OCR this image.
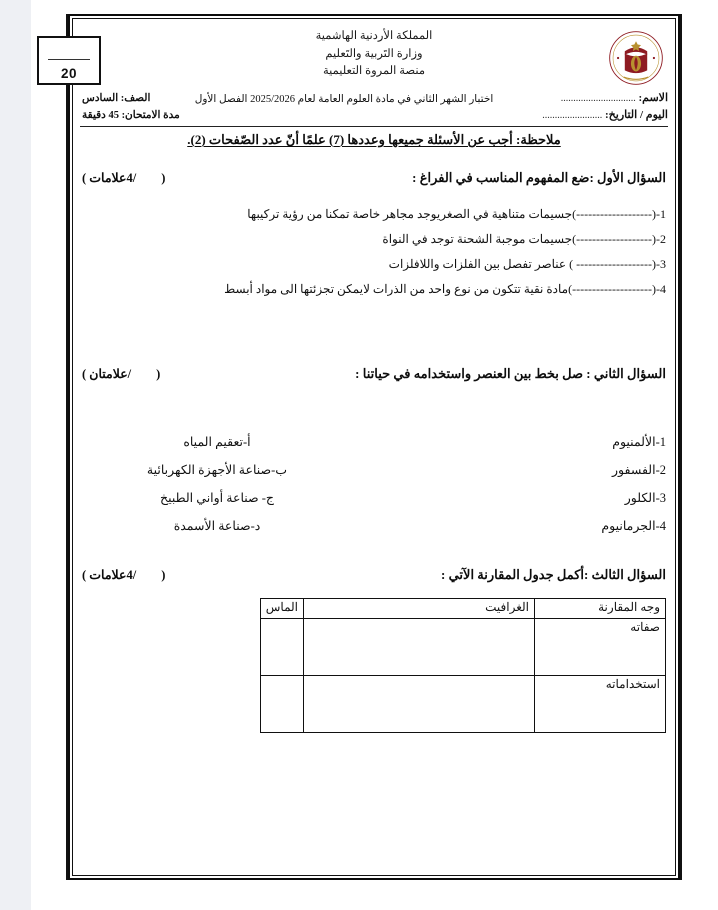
20
المملكة الأردنية الهاشمية
وزارة التَربية والتَعليم
منصة المروة التعليمية
الاسم: ..............................
اليوم / التاريخ: ........................
اختبار الشهر الثاني في مادة العلوم العامة لعام 2025/2026 الفصل الأول
الصف: السادس
مدة الامتحان: 45 دقيقة
ملاحظة: أجب عن الأسئلة جميعها وعددها (7) علمًا أنّ عدد الصّفحات (2).
السؤال الأول :ضع المفهوم المناسب في الفراغ :
(        /4علامات )
1-(-------------------)جسيمات متناهية في الصغريوجد مجاهر خاصة تمكنا من رؤية تركيبها
2-(-------------------)جسيمات موجبة الشحنة توجد في النواة
3-(------------------- ) عناصر تفصل بين الفلزات واللافلزات
4-(--------------------)مادة نقية تتكون من نوع واحد من الذرات لايمكن تجزئتها الى مواد أبسط
السؤال الثاني : صل بخط بين العنصر واستخدامه في حياتنا :
(        /علامتان )
1-الألمنيوم
أ-تعقيم المياه
2-الفسفور
ب-صناعة الأجهزة الكهربائية
3-الكلور
ج- صناعة أواني الطبيخ
4-الجرمانيوم
د-صناعة الأسمدة
السؤال الثالث :أكمل جدول المقارنة الآتي :
(        /4علامات )
وجه المقارنة	الغرافيت	الماس
صفاته		
استخداماته		
